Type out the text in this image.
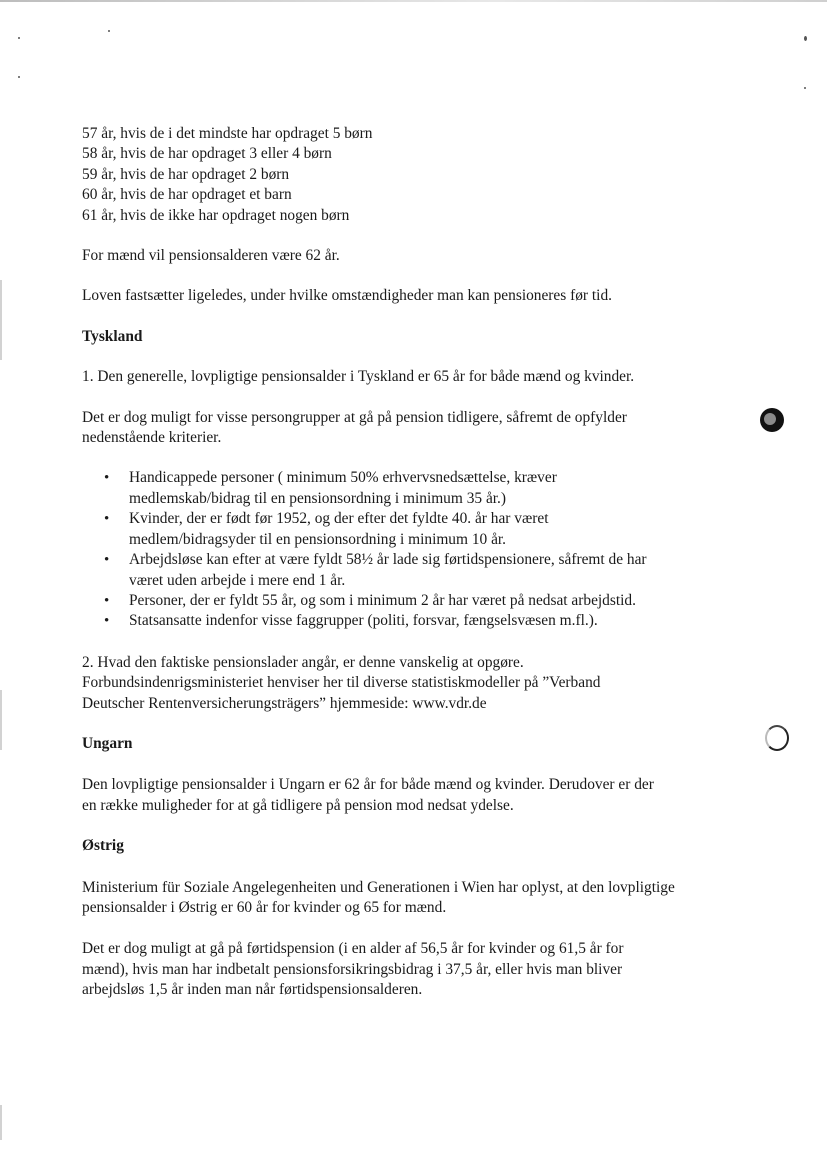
57 år, hvis de i det mindste har opdraget 5 børn
58 år, hvis de har opdraget 3 eller 4 børn
59 år, hvis de har opdraget 2 børn
60 år, hvis de har opdraget et barn
61 år, hvis de ikke har opdraget nogen børn

For mænd vil pensionsalderen være 62 år.

Loven fastsætter ligeledes, under hvilke omstændigheder man kan pensioneres før tid.

Tyskland

1. Den generelle, lovpligtige pensionsalder i Tyskland er 65 år for både mænd og kvinder.

Det er dog muligt for visse persongrupper at gå på pension tidligere, såfremt de opfylder
nedenstående kriterier.

• Handicappede personer ( minimum 50% erhvervsnedsættelse, kræver
medlemskab/bidrag til en pensionsordning i minimum 35 år.)
• Kvinder, der er født før 1952, og der efter det fyldte 40. år har været
medlem/bidragsyder til en pensionsordning i minimum 10 år.
• Arbejdsløse kan efter at være fyldt 58½ år lade sig førtidspensionere, såfremt de har
været uden arbejde i mere end 1 år.
• Personer, der er fyldt 55 år, og som i minimum 2 år har været på nedsat arbejdstid.
• Statsansatte indenfor visse faggrupper (politi, forsvar, fængselsvæsen m.fl.).

2. Hvad den faktiske pensionslader angår, er denne vanskelig at opgøre.
Forbundsindenrigsministeriet henviser her til diverse statistiskmodeller på ”Verband
Deutscher Rentenversicherungsträgers” hjemmeside: www.vdr.de

Ungarn

Den lovpligtige pensionsalder i Ungarn er 62 år for både mænd og kvinder. Derudover er der
en række muligheder for at gå tidligere på pension mod nedsat ydelse.

Østrig

Ministerium für Soziale Angelegenheiten und Generationen i Wien har oplyst, at den lovpligtige
pensionsalder i Østrig er 60 år for kvinder og 65 for mænd.

Det er dog muligt at gå på førtidspension (i en alder af 56,5 år for kvinder og 61,5 år for
mænd), hvis man har indbetalt pensionsforsikringsbidrag i 37,5 år, eller hvis man bliver
arbejdsløs 1,5 år inden man når førtidspensionsalderen.
